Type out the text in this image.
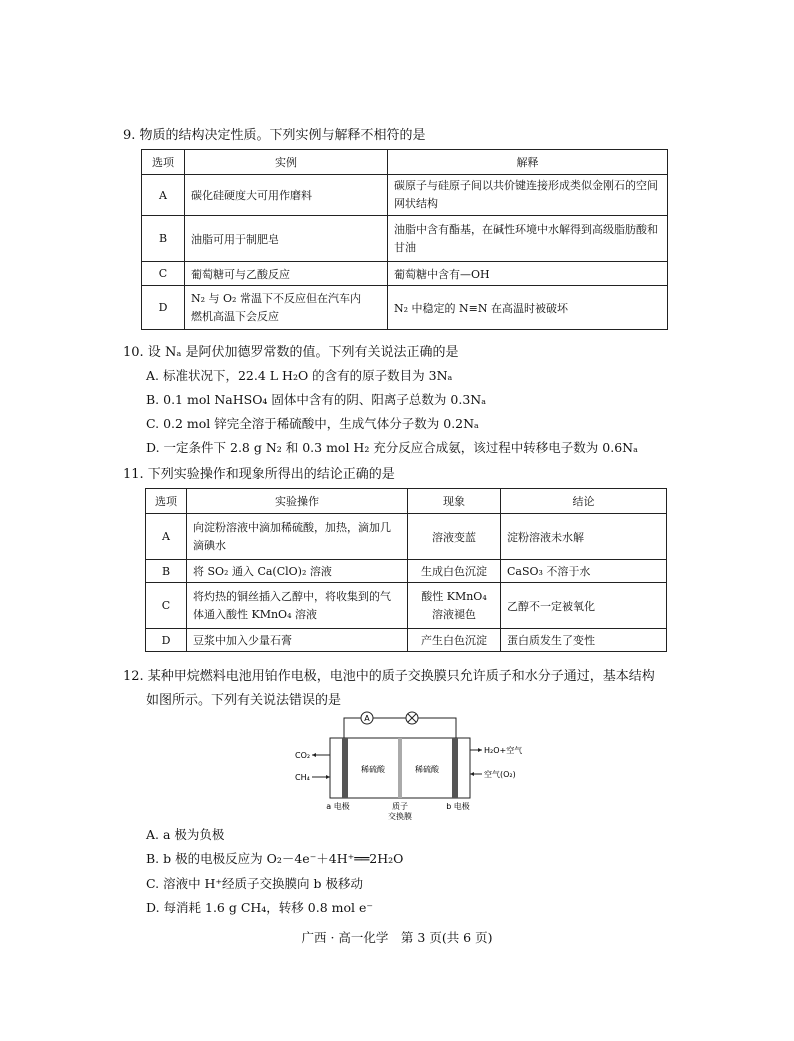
9. 物质的结构决定性质。下列实例与解释不相符的是
选项	实例	解释
A	碳化硅硬度大可用作磨料	碳原子与硅原子间以共价键连接形成类似金刚石的空间
网状结构

B	油脂可用于制肥皂	油脂中含有酯基，在碱性环境中水解得到高级脂肪酸和
甘油

C	葡萄糖可与乙酸反应	葡萄糖中含有—OH
D	N₂ 与 O₂ 常温下不反应但在汽车内
燃机高温下会反应	N₂ 中稳定的 N≡N 在高温时被破坏
10. 设 Nₐ 是阿伏加德罗常数的值。下列有关说法正确的是
A. 标准状况下，22.4 L H₂O 的含有的原子数目为 3Nₐ
B. 0.1 mol NaHSO₄ 固体中含有的阴、阳离子总数为 0.3Nₐ
C. 0.2 mol 锌完全溶于稀硫酸中，生成气体分子数为 0.2Nₐ
D. 一定条件下 2.8 g N₂ 和 0.3 mol H₂ 充分反应合成氨，该过程中转移电子数为 0.6Nₐ
11. 下列实验操作和现象所得出的结论正确的是
选项	实验操作	现象	结论
A	向淀粉溶液中滴加稀硫酸，加热，滴加几
滴碘水	溶液变蓝	淀粉溶液未水解
B	将 SO₂ 通入 Ca(ClO)₂ 溶液	生成白色沉淀	CaSO₃ 不溶于水
C	将灼热的铜丝插入乙醇中，将收集到的气
体通入酸性 KMnO₄ 溶液	酸性 KMnO₄
溶液褪色	乙醇不一定被氧化
D	豆浆中加入少量石膏	产生白色沉淀	蛋白质发生了变性
12. 某种甲烷燃料电池用铂作电极，电池中的质子交换膜只允许质子和水分子通过，基本结构
如图所示。下列有关说法错误的是
A
稀硫酸	稀硫酸
CO₂
CH₄
H₂O+空气
空气(O₂)
a 电极	质子
交换膜
b 电极
A. a 极为负极
B. b 极的电极反应为 O₂－4e⁻＋4H⁺══2H₂O
C. 溶液中 H⁺经质子交换膜向 b 极移动
D. 每消耗 1.6 g CH₄，转移 0.8 mol e⁻
广西 · 高一化学　第 3 页(共 6 页)
